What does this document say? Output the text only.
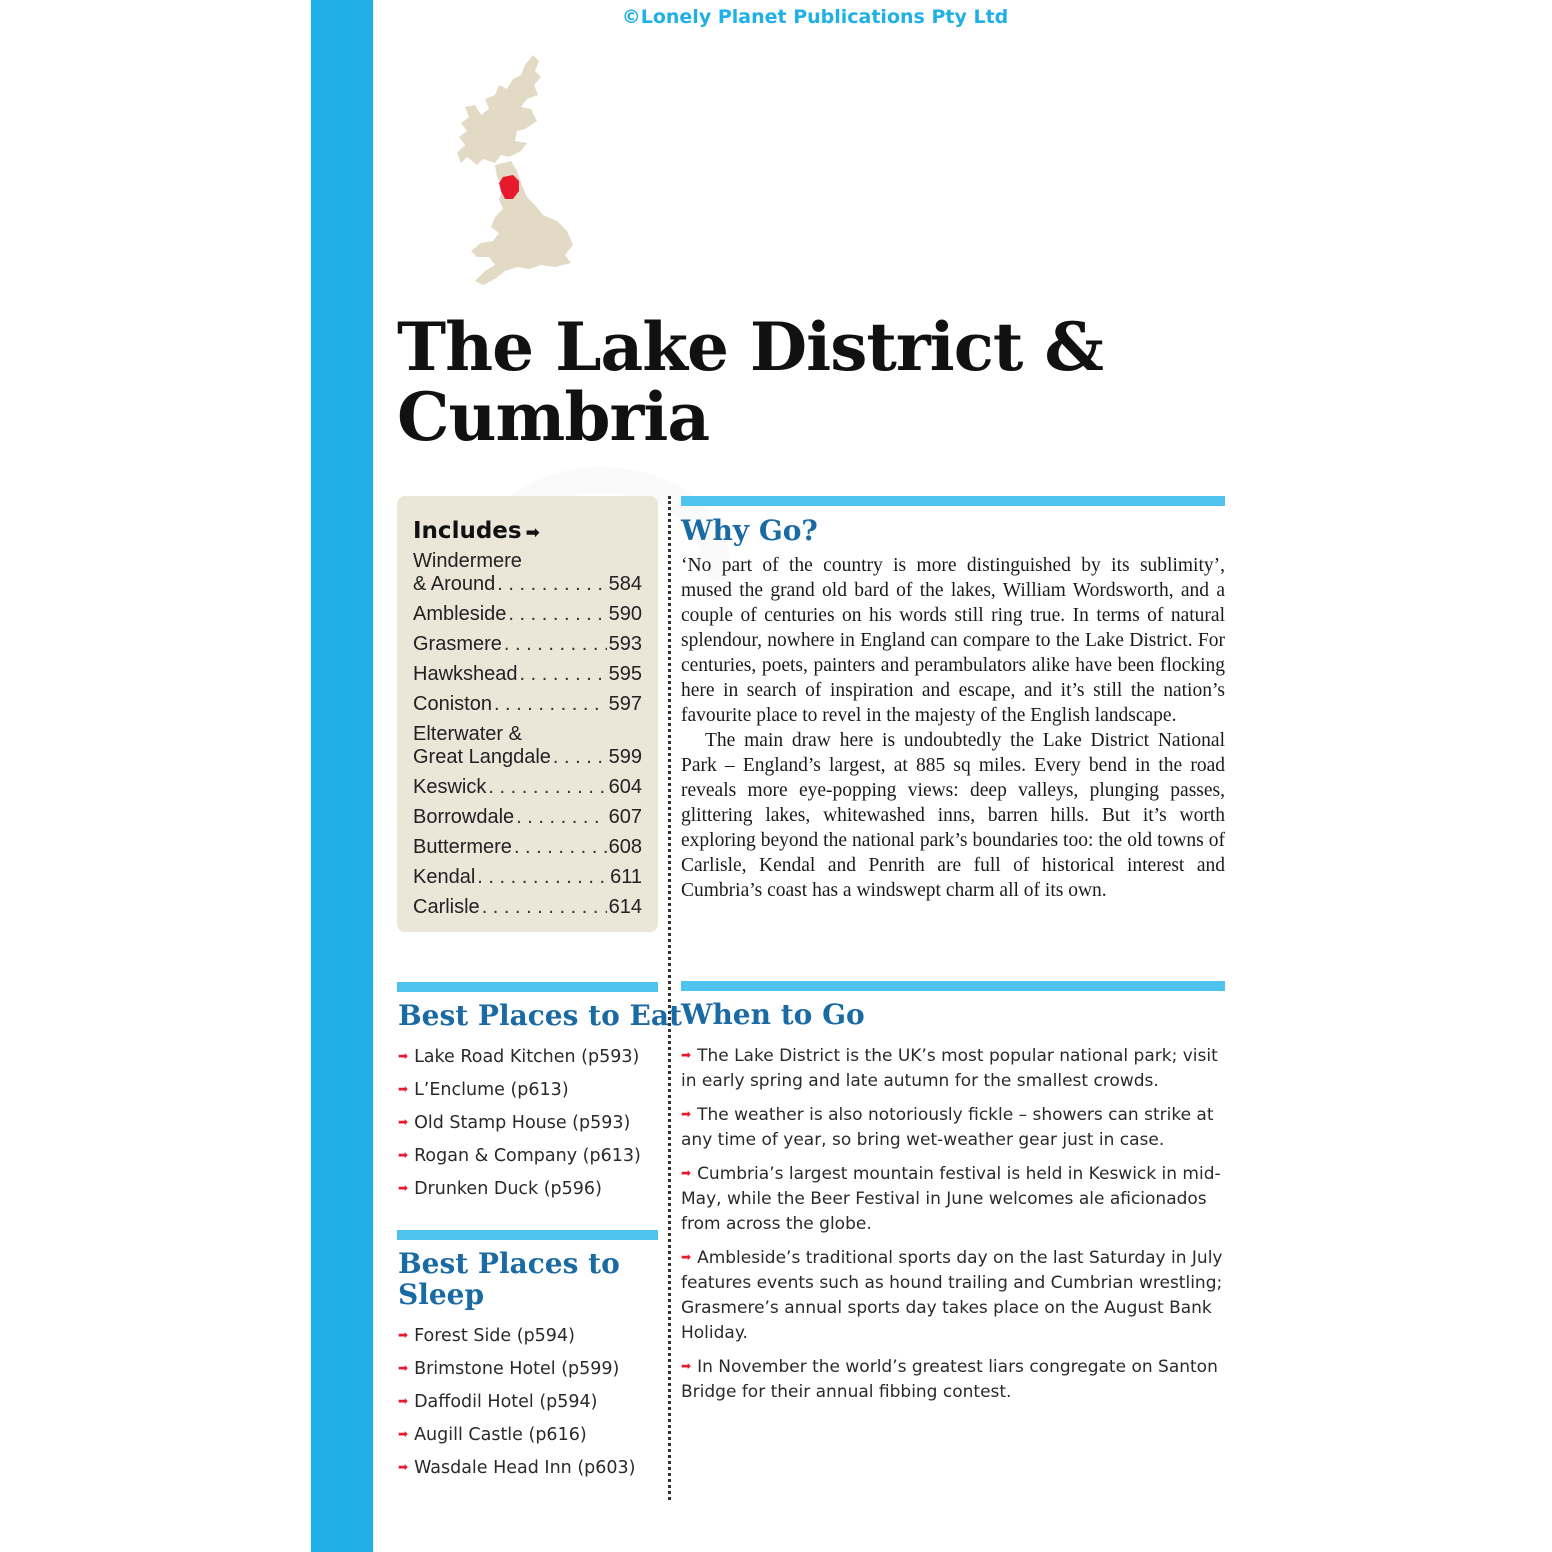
©Lonely Planet Publications Pty Ltd
The Lake District &
Cumbria
Includes ➡
Windermere
& Around . . .	584
Ambleside . . .	590
Grasmere . . .	593
Hawkshead . . .	595
Coniston . . .	597
Elterwater &
Great Langdale . . .	599
Keswick . . .	604
Borrowdale . . .	607
Buttermere . . .	608
Kendal . . .	611
Carlisle . . .	614
Why Go?

‘No part of the country is more distinguished by its sublimity’, mused the grand old bard of the lakes, William Wordsworth, and a couple of centuries on his words still ring true. In terms of natural splendour, nowhere in England can compare to the Lake District. For centuries, poets, painters and perambulators alike have been flocking here in search of inspiration and escape, and it’s still the nation’s favourite place to revel in the majesty of the English landscape.

The main draw here is undoubtedly the Lake District National Park – England’s largest, at 885 sq miles. Every bend in the road reveals more eye-popping views: deep valleys, plunging passes, glittering lakes, whitewashed inns, barren hills. But it’s worth exploring beyond the national park’s boundaries too: the old towns of Carlisle, Kendal and Penrith are full of historical interest and Cumbria’s coast has a windswept charm all of its own.

Best Places to Eat
➡ Lake Road Kitchen (p593)
➡ L’Enclume (p613)
➡ Old Stamp House (p593)
➡ Rogan & Company (p613)
➡ Drunken Duck (p596)
Best Places to
Sleep
➡ Forest Side (p594)
➡ Brimstone Hotel (p599)
➡ Daffodil Hotel (p594)
➡ Augill Castle (p616)
➡ Wasdale Head Inn (p603)
When to Go
➡ The Lake District is the UK’s most popular national park; visit in early spring and late autumn for the smallest crowds.
➡ The weather is also notoriously fickle – showers can strike at any time of year, so bring wet-weather gear just in case.
➡ Cumbria’s largest mountain festival is held in Keswick in mid-May, while the Beer Festival in June welcomes ale aficionados from across the globe.
➡ Ambleside’s traditional sports day on the last Saturday in July features events such as hound trailing and Cumbrian wrestling; Grasmere’s annual sports day takes place on the August Bank Holiday.
➡ In November the world’s greatest liars congregate on Santon Bridge for their annual fibbing contest.
